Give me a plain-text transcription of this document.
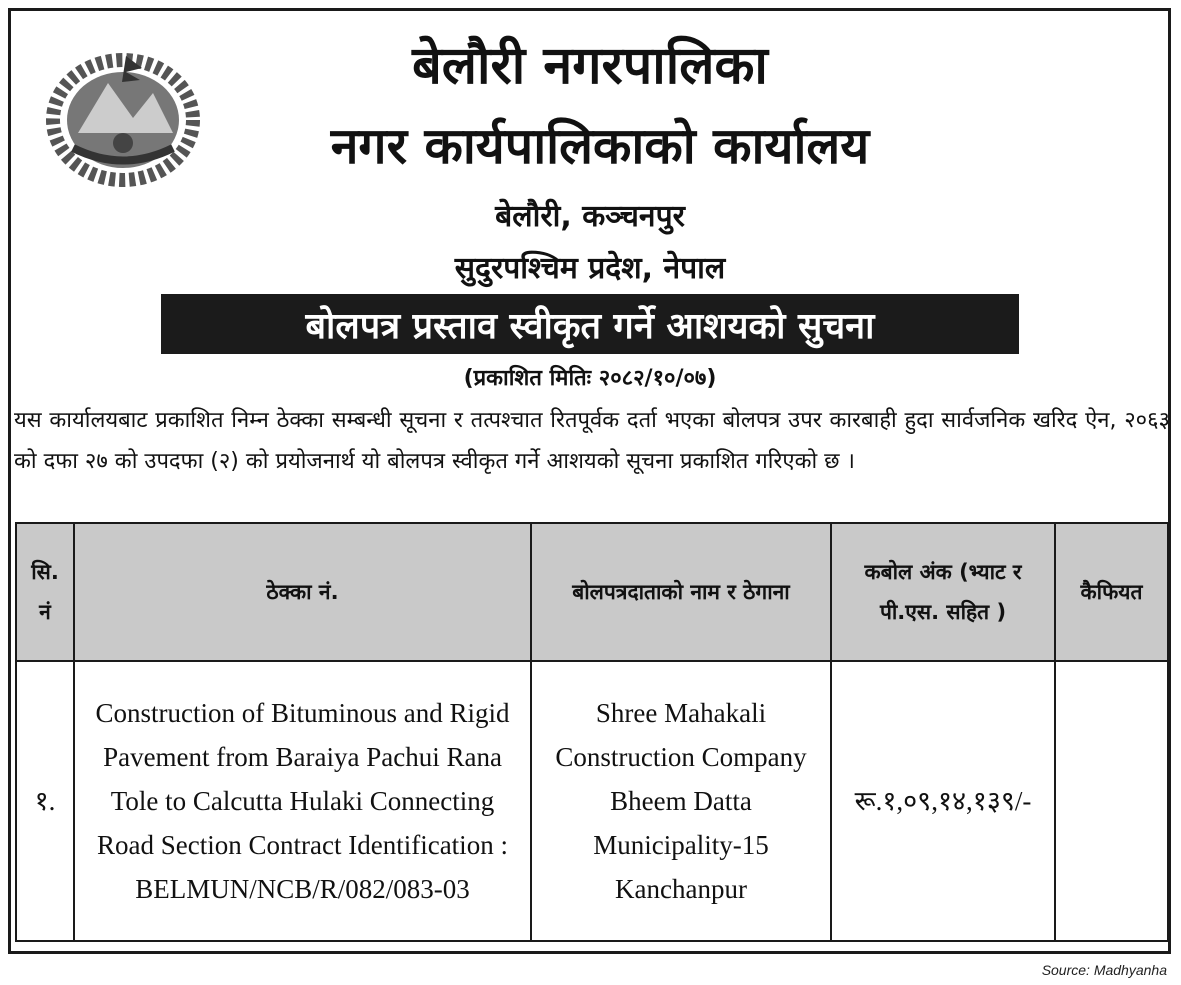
बेलौरी नगरपालिका
नगर कार्यपालिकाको कार्यालय
बेलौरी, कञ्चनपुर
सुदुरपश्चिम प्रदेश, नेपाल
बोलपत्र प्रस्ताव स्वीकृत गर्ने आशयको सुचना
(प्रकाशित मितिः २०८२/१०/०७)
यस कार्यालयबाट प्रकाशित निम्न ठेक्का सम्बन्धी सूचना र तत्पश्चात रितपूर्वक दर्ता भएका बोलपत्र उपर कारबाही हुदा सार्वजनिक खरिद ऐन, २०६३ को दफा २७ को उपदफा (२) को प्रयोजनार्थ यो बोलपत्र स्वीकृत गर्ने आशयको सूचना प्रकाशित गरिएको छ ।
सि. नं	ठेक्का नं.	बोलपत्रदाताको नाम र ठेगाना	कबोल अंक (भ्याट र पी.एस. सहित )	कैफियत
१.	Construction of Bituminous and Rigid Pavement from Baraiya Pachui Rana Tole to Calcutta Hulaki Connecting Road Section Contract Identification : BELMUN/NCB/R/082/083-03	Shree Mahakali Construction Company Bheem Datta Municipality-15 Kanchanpur	रू.१,०९,१४,१३९/-	
Source: Madhyanha
